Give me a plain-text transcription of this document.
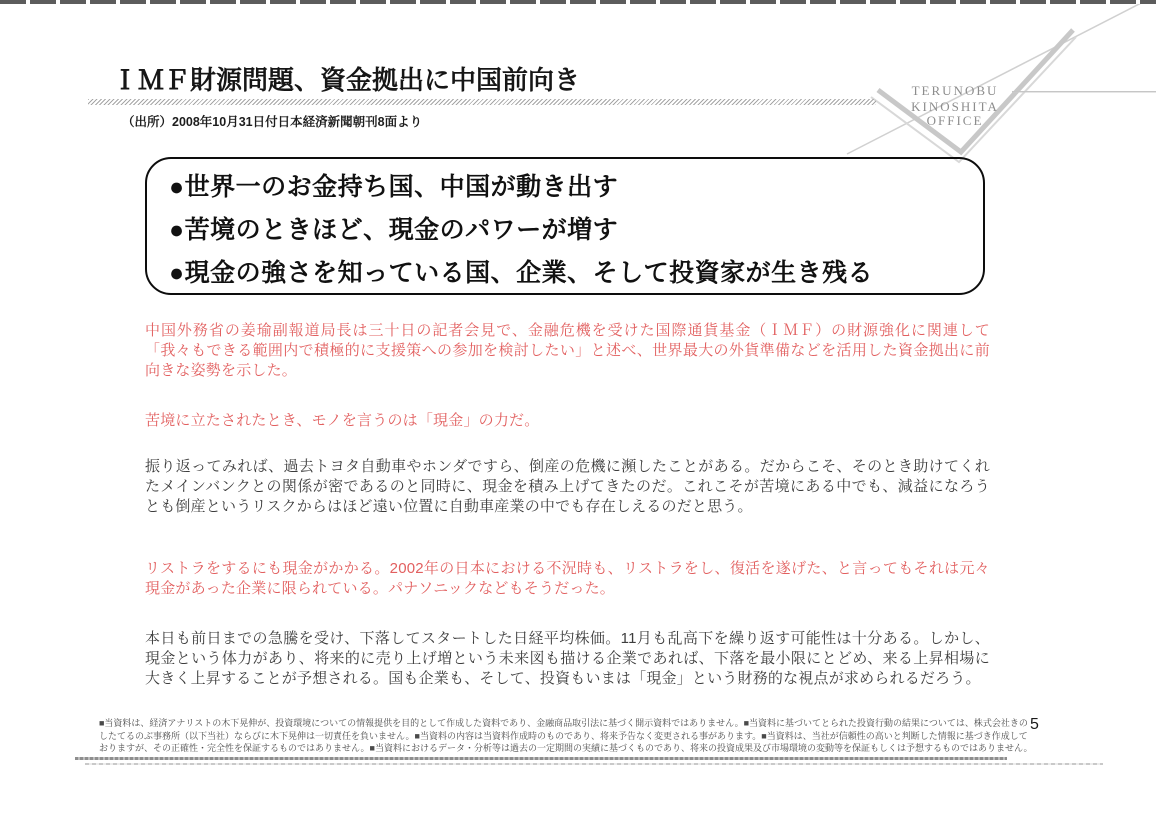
TERUNOBU
KINOSHITA
OFFICE
ＩＭＦ財源問題、資金拠出に中国前向き
（出所）2008年10月31日付日本経済新聞朝刊8面より
●世界一のお金持ち国、中国が動き出す
●苦境のときほど、現金のパワーが増す
●現金の強さを知っている国、企業、そして投資家が生き残る
中国外務省の姜瑜副報道局長は三十日の記者会見で、金融危機を受けた国際通貨基金（ＩＭＦ）の財源強化に関連して「我々もできる範囲内で積極的に支援策への参加を検討したい」と述べ、世界最大の外貨準備などを活用した資金拠出に前向きな姿勢を示した。
苦境に立たされたとき、モノを言うのは「現金」の力だ。
振り返ってみれば、過去トヨタ自動車やホンダですら、倒産の危機に瀕したことがある。だからこそ、そのとき助けてくれたメインバンクとの関係が密であるのと同時に、現金を積み上げてきたのだ。これこそが苦境にある中でも、減益になろうとも倒産というリスクからはほど遠い位置に自動車産業の中でも存在しえるのだと思う。
リストラをするにも現金がかかる。2002年の日本における不況時も、リストラをし、復活を遂げた、と言ってもそれは元々現金があった企業に限られている。パナソニックなどもそうだった。
本日も前日までの急騰を受け、下落してスタートした日経平均株価。11月も乱高下を繰り返す可能性は十分ある。しかし、現金という体力があり、将来的に売り上げ増という未来図も描ける企業であれば、下落を最小限にとどめ、来る上昇相場に大きく上昇することが予想される。国も企業も、そして、投資もいまは「現金」という財務的な視点が求められるだろう。
■当資料は、経済アナリストの木下晃伸が、投資環境についての情報提供を目的として作成した資料であり、金融商品取引法に基づく開示資料ではありません。■当資料に基づいてとられた投資行動の結果については、株式会社きの
したてるのぶ事務所（以下当社）ならびに木下晃伸は一切責任を負いません。■当資料の内容は当資料作成時のものであり、将来予告なく変更される事があります。■当資料は、当社が信頼性の高いと判断した情報に基づき作成して
おりますが、その正確性・完全性を保証するものではありません。■当資料におけるデータ・分析等は過去の一定期間の実績に基づくものであり、将来の投資成果及び市場環境の変動等を保証もしくは予想するものではありません。
5
